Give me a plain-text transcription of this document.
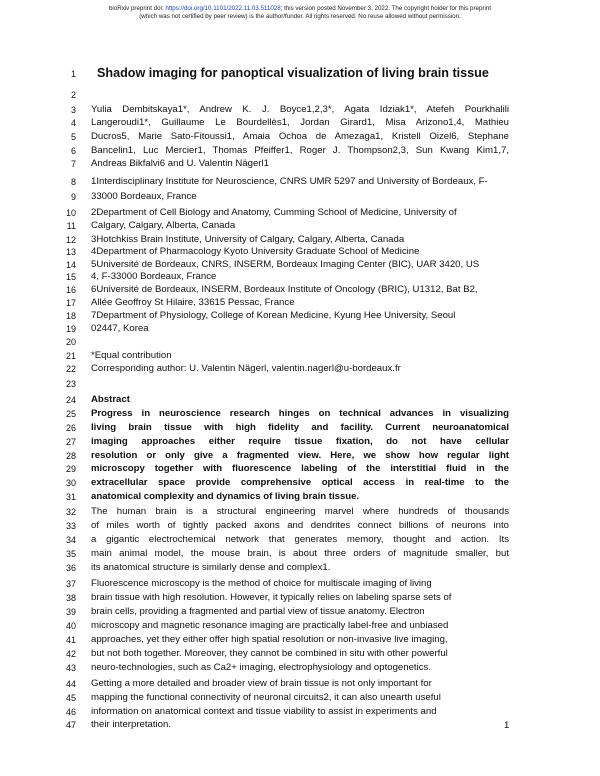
bioRxiv preprint doi: https://doi.org/10.1101/2022.11.03.511028; this version posted November 3, 2022. The copyright holder for this preprint
(which was not certified by peer review) is the author/funder. All rights reserved. No reuse allowed without permission.
1
2
3
4
5
6
7
8
9
10
11
12
13
14
15
16
17
18
19
20
21
22
23
24
25
26
27
28
29
30
31
32
33
34
35
36
37
38
39
40
41
42
43
44
45
46
47
Shadow imaging for panoptical visualization of living brain tissue
Yulia Dembitskaya1*, Andrew K. J. Boyce1,2,3*, Agata Idziak1*, Atefeh Pourkhalili
Langeroudi1*, Guillaume Le Bourdellès1, Jordan Girard1, Misa Arizono1,4, Mathieu
Ducros5, Marie Sato-Fitoussi1, Amaia Ochoa de Amezaga1, Kristell Oizel6, Stephane
Bancelin1, Luc Mercier1, Thomas Pfeiffer1, Roger J. Thompson2,3, Sun Kwang Kim1,7,
Andreas Bikfalvi6 and U. Valentin Nägerl1
1Interdisciplinary Institute for Neuroscience, CNRS UMR 5297 and University of Bordeaux, F-
33000 Bordeaux, France
2Department of Cell Biology and Anatomy, Cumming School of Medicine, University of
Calgary, Calgary, Alberta, Canada
3Hotchkiss Brain Institute, University of Calgary, Calgary, Alberta, Canada
4Department of Pharmacology Kyoto University Graduate School of Medicine
5Université de Bordeaux, CNRS, INSERM, Bordeaux Imaging Center (BIC), UAR 3420, US
4, F-33000 Bordeaux, France
6Université de Bordeaux, INSERM, Bordeaux Institute of Oncology (BRIC), U1312, Bat B2,
Allée Geoffroy St Hilaire, 33615 Pessac, France
7Department of Physiology, College of Korean Medicine, Kyung Hee University, Seoul
02447, Korea
*Equal contribution
Corresponding author: U. Valentin Nägerl, valentin.nagerl@u-bordeaux.fr
Abstract
Progress in neuroscience research hinges on technical advances in visualizing
living brain tissue with high fidelity and facility. Current neuroanatomical
imaging approaches either require tissue fixation, do not have cellular
resolution or only give a fragmented view. Here, we show how regular light
microscopy together with fluorescence labeling of the interstitial fluid in the
extracellular space provide comprehensive optical access in real-time to the
anatomical complexity and dynamics of living brain tissue.
The human brain is a structural engineering marvel where hundreds of thousands
of miles worth of tightly packed axons and dendrites connect billions of neurons into
a gigantic electrochemical network that generates memory, thought and action. Its
main animal model, the mouse brain, is about three orders of magnitude smaller, but
its anatomical structure is similarly dense and complex1.
Fluorescence microscopy is the method of choice for multiscale imaging of living
brain tissue with high resolution. However, it typically relies on labeling sparse sets of
brain cells, providing a fragmented and partial view of tissue anatomy. Electron
microscopy and magnetic resonance imaging are practically label-free and unbiased
approaches, yet they either offer high spatial resolution or non-invasive live imaging,
but not both together. Moreover, they cannot be combined in situ with other powerful
neuro-technologies, such as Ca2+ imaging, electrophysiology and optogenetics.
Getting a more detailed and broader view of brain tissue is not only important for
mapping the functional connectivity of neuronal circuits2, it can also unearth useful
information on anatomical context and tissue viability to assist in experiments and
their interpretation.	1
